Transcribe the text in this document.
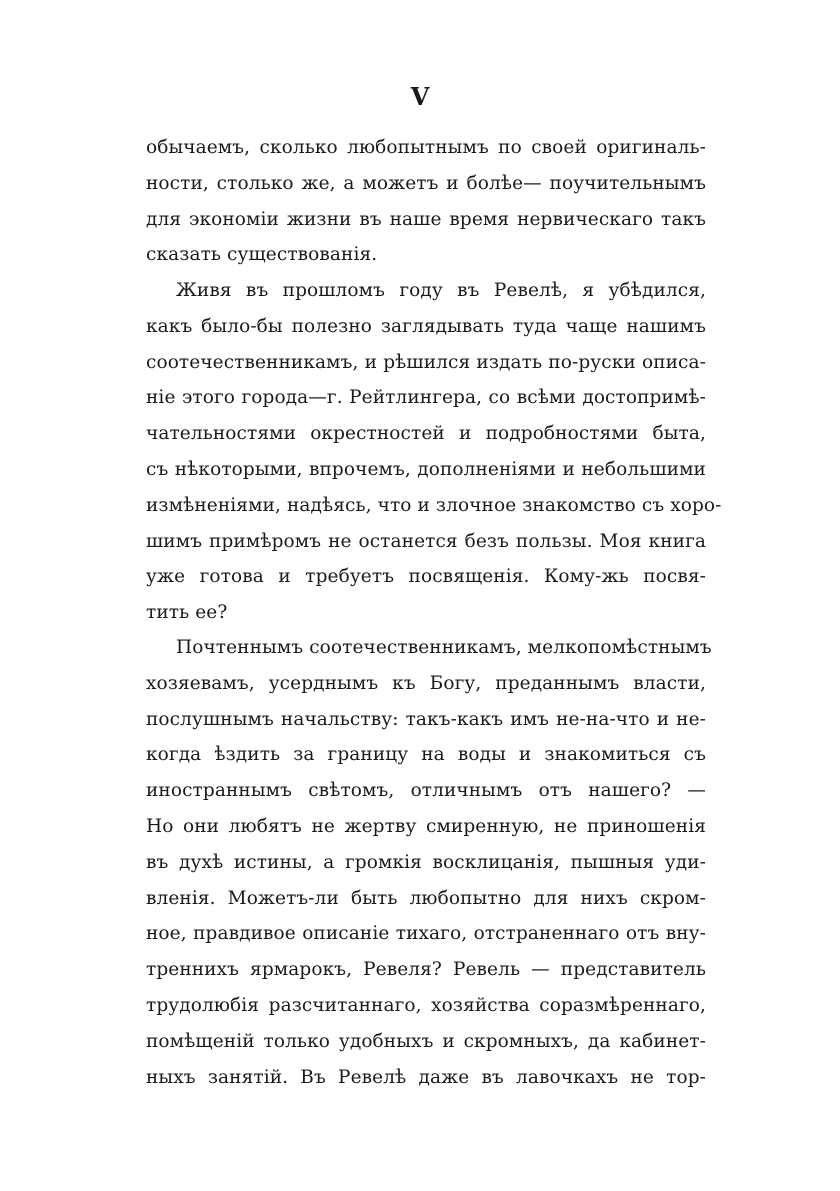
V
обычаемъ, сколько любопытнымъ по своей оригиналь-
ности, столько же, а можетъ и болѣе— поучительнымъ
для экономіи жизни въ наше время нервическаго такъ
сказать существованія.
Живя въ прошломъ году въ Ревелѣ, я убѣдился,
какъ было-бы полезно заглядывать туда чаще нашимъ
соотечественникамъ, и рѣшился издать по-руски описа-
ніе этого города—г. Рейтлингера, со всѣми достопримѣ-
чательностями окрестностей и подробностями быта,
съ нѣкоторыми, впрочемъ, дополненіями и небольшими
измѣненіями, надѣясь, что и злочное знакомство съ хоро-
шимъ примѣромъ не останется безъ пользы. Моя книга
уже готова и требуетъ посвященія. Кому-жь посвя-
тить ее?
Почтеннымъ соотечественникамъ, мелкопомѣстнымъ
хозяевамъ, усерднымъ къ Богу, преданнымъ власти,
послушнымъ начальству: такъ-какъ имъ не-на-что и не-
когда ѣздить за границу на воды и знакомиться съ
иностраннымъ свѣтомъ, отличнымъ отъ нашего? —
Но они любятъ не жертву смиренную, не приношенія
въ духѣ истины, а громкія восклицанія, пышныя уди-
вленія. Можетъ-ли быть любопытно для нихъ скром-
ное, правдивое описаніе тихаго, отстраненнаго отъ вну-
треннихъ ярмарокъ, Ревеля? Ревель — представитель
трудолюбія разсчитаннаго, хозяйства соразмѣреннаго,
помѣщеній только удобныхъ и скромныхъ, да кабинет-
ныхъ занятій. Въ Ревелѣ даже въ лавочкахъ не тор-
